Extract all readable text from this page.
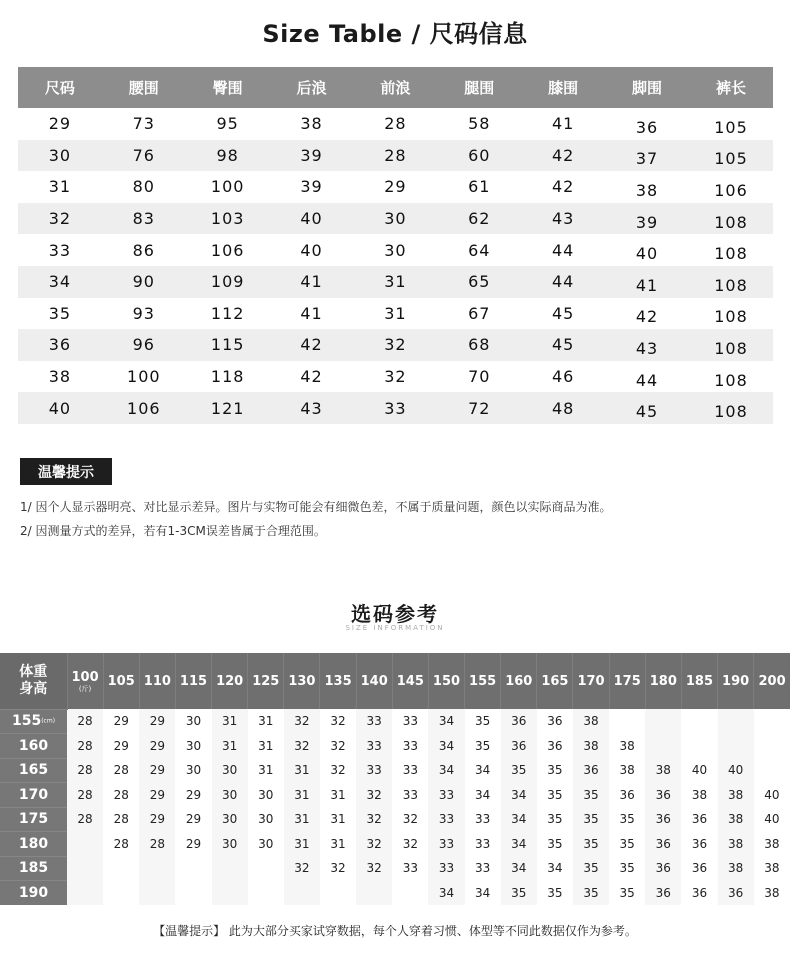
Size Table / 尺码信息
尺码	腰围	臀围	后浪	前浪	腿围	膝围	脚围	裤长
29	73	95	38	28	58	41	36	105
30	76	98	39	28	60	42	37	105
31	80	100	39	29	61	42	38	106
32	83	103	40	30	62	43	39	108
33	86	106	40	30	64	44	40	108
34	90	109	41	31	65	44	41	108
35	93	112	41	31	67	45	42	108
36	96	115	42	32	68	45	43	108
38	100	118	42	32	70	46	44	108
40	106	121	43	33	72	48	45	108
温馨提示
1/ 因个人显示器明亮、对比显示差异。图片与实物可能会有细微色差，不属于质量问题，颜色以实际商品为准。
2/ 因测量方式的差异，若有1-3CM误差皆属于合理范围。
选码参考
SIZE INFORMATION
体重
身高	100
(斤)	105	110	115	120	125	130	135	140	145	150	155	160	165	170	175	180	185	190	200
155(cm)	28	29	29	30	31	31	32	32	33	33	34	35	36	36	38					
160	28	29	29	30	31	31	32	32	33	33	34	35	36	36	38	38				
165	28	28	29	30	30	31	31	32	33	33	34	34	35	35	36	38	38	40	40	
170	28	28	29	29	30	30	31	31	32	33	33	34	34	35	35	36	36	38	38	40
175	28	28	29	29	30	30	31	31	32	32	33	33	34	35	35	35	36	36	38	40
180		28	28	29	30	30	31	31	32	32	33	33	34	35	35	35	36	36	38	38
185							32	32	32	33	33	33	34	34	35	35	36	36	38	38
190											34	34	35	35	35	35	36	36	36	38
【温馨提示】 此为大部分买家试穿数据，每个人穿着习惯、体型等不同此数据仅作为参考。
